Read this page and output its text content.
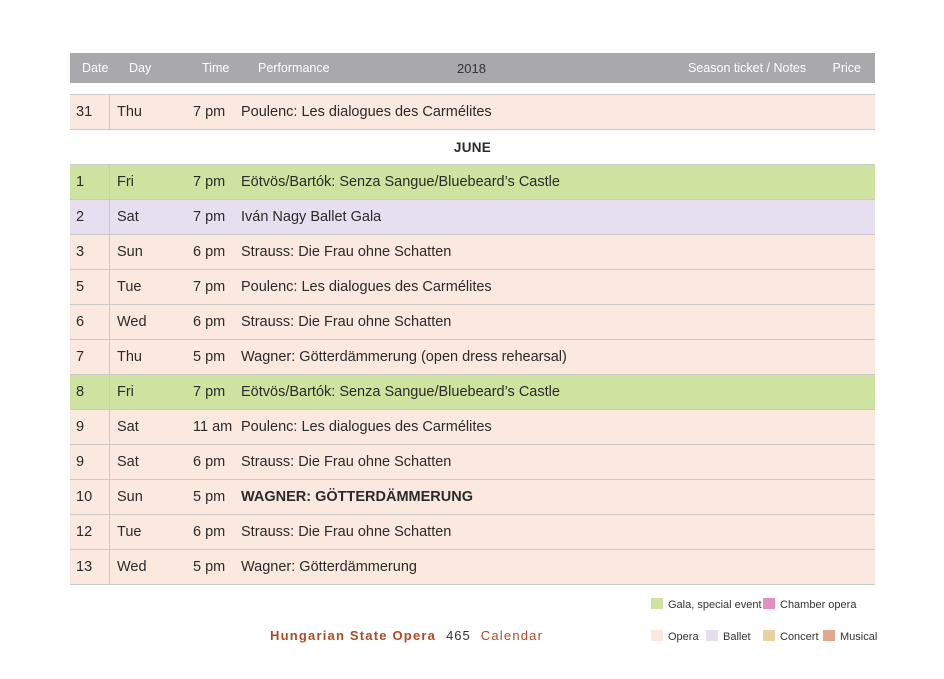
Date Day	Time Performance	2018	Season ticket / Notes Price
31 Thu	7 pm Poulenc: Les dialogues des Carmélites
JUNE
1 Fri	7 pm Eötvös/Bartók: Senza Sangue/Bluebeard’s Castle
2 Sat	7 pm Iván Nagy Ballet Gala
3 Sun	6 pm Strauss: Die Frau ohne Schatten
5 Tue	7 pm Poulenc: Les dialogues des Carmélites
6 Wed	6 pm Strauss: Die Frau ohne Schatten
7 Thu	5 pm Wagner: Götterdämmerung (open dress rehearsal)
8 Fri	7 pm Eötvös/Bartók: Senza Sangue/Bluebeard’s Castle
9 Sat	11 am Poulenc: Les dialogues des Carmélites
9 Sat	6 pm Strauss: Die Frau ohne Schatten
10 Sun	5 pm WAGNER: GÖTTERDÄMMERUNG
12 Tue	6 pm Strauss: Die Frau ohne Schatten
13 Wed	5 pm Wagner: Götterdämmerung
Gala, special event	Chamber opera
Opera	Ballet	Concert	Musical
Hungarian State Opera 465 Calendar
